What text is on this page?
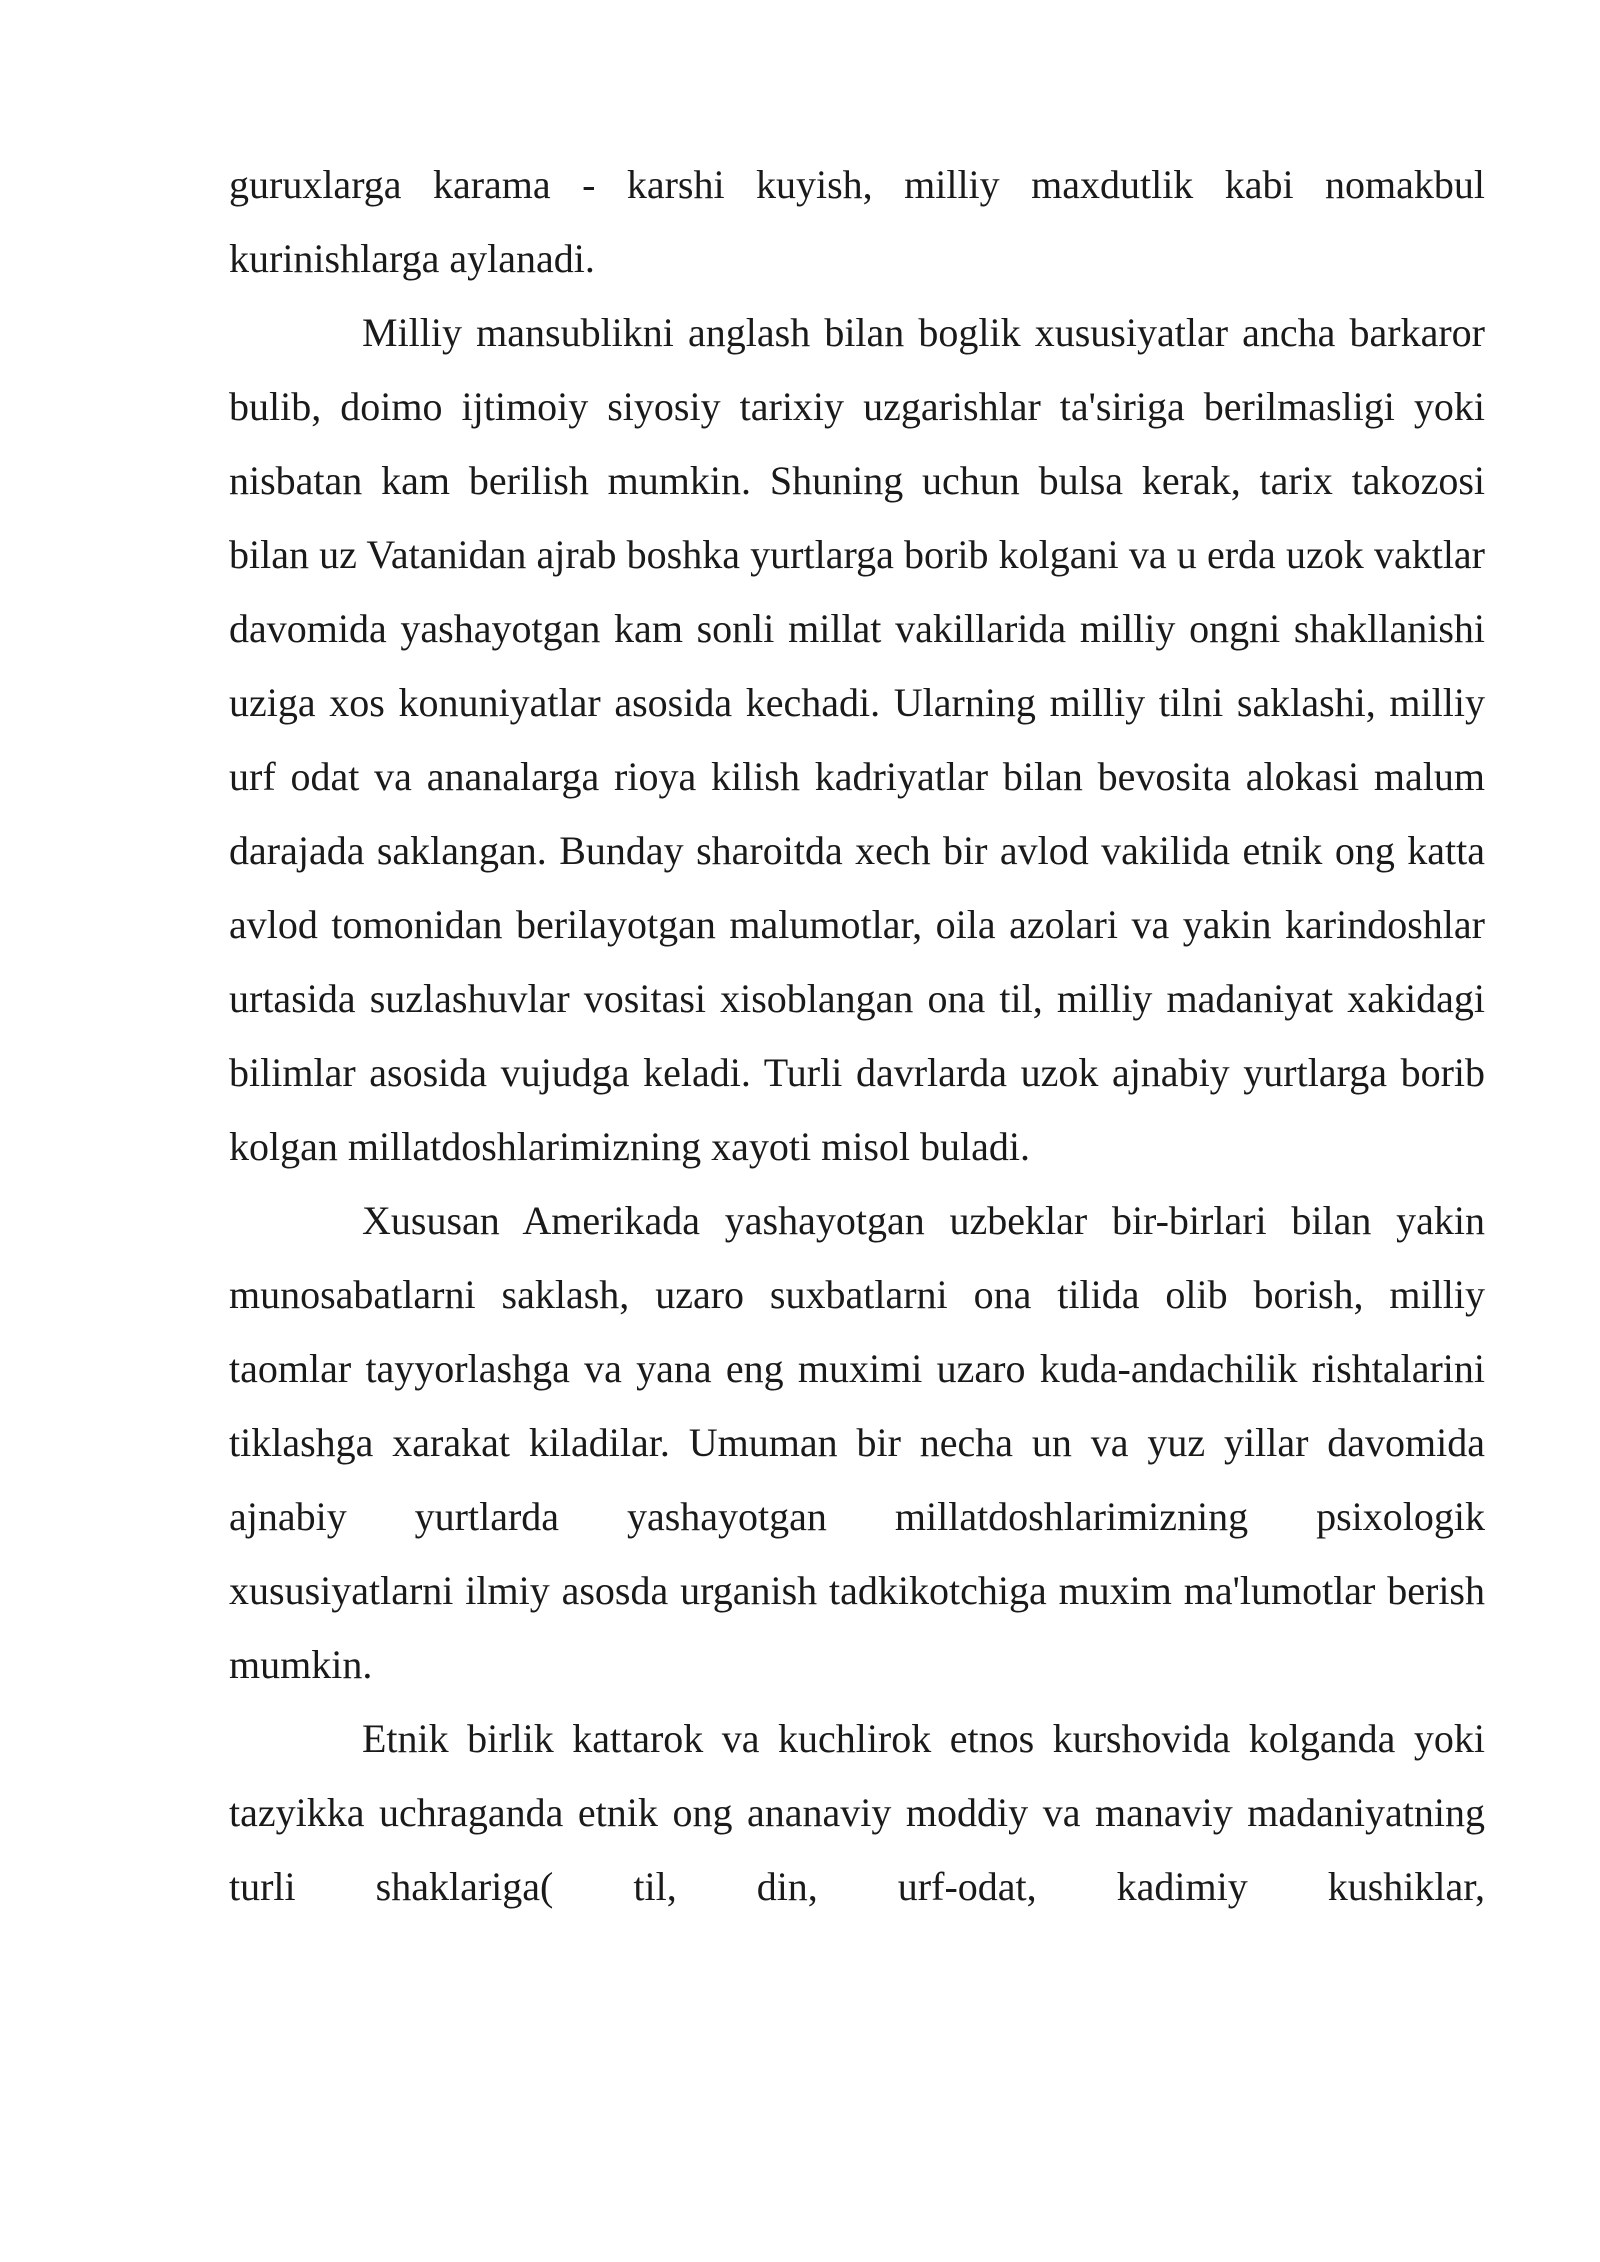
guruxlarga karama - karshi kuyish, milliy maxdutlik kabi nomakbul kurinishlarga aylanadi.

Milliy mansublikni anglash bilan boglik xususiyatlar ancha barkaror bulib, doimo ijtimoiy siyosiy tarixiy uzgarishlar ta'siriga berilmasligi yoki nisbatan kam berilish mumkin. Shuning uchun bulsa kerak, tarix takozosi bilan uz Vatanidan ajrab boshka yurtlarga borib kolgani va u erda uzok vaktlar davomida yashayotgan kam sonli millat vakillarida milliy ongni shakllanishi uziga xos konuniyatlar asosida kechadi. Ularning milliy tilni saklashi, milliy urf odat va ananalarga rioya kilish kadriyatlar bilan bevosita alokasi malum darajada saklangan. Bunday sharoitda xech bir avlod vakilida etnik ong katta avlod tomonidan berilayotgan malumotlar, oila azolari va yakin karindoshlar urtasida suzlashuvlar vositasi xisoblangan ona til, milliy madaniyat xakidagi bilimlar asosida vujudga keladi. Turli davrlarda uzok ajnabiy yurtlarga borib kolgan millatdoshlarimizning xayoti misol buladi.

Xususan Amerikada yashayotgan uzbeklar bir-birlari bilan yakin munosabatlarni saklash, uzaro suxbatlarni ona tilida olib borish, milliy taomlar tayyorlashga va yana eng muximi uzaro kuda-andachilik rishtalarini tiklashga xarakat kiladilar. Umuman bir necha un va yuz yillar davomida ajnabiy yurtlarda yashayotgan millatdoshlarimizning psixologik xususiyatlarni ilmiy asosda urganish tadkikotchiga muxim ma'lumotlar berish mumkin.

Etnik birlik kattarok va kuchlirok etnos kurshovida kolganda yoki tazyikka uchraganda etnik ong ananaviy moddiy va manaviy madaniyatning turli shaklariga( til, din, urf-odat, kadimiy kushiklar,
